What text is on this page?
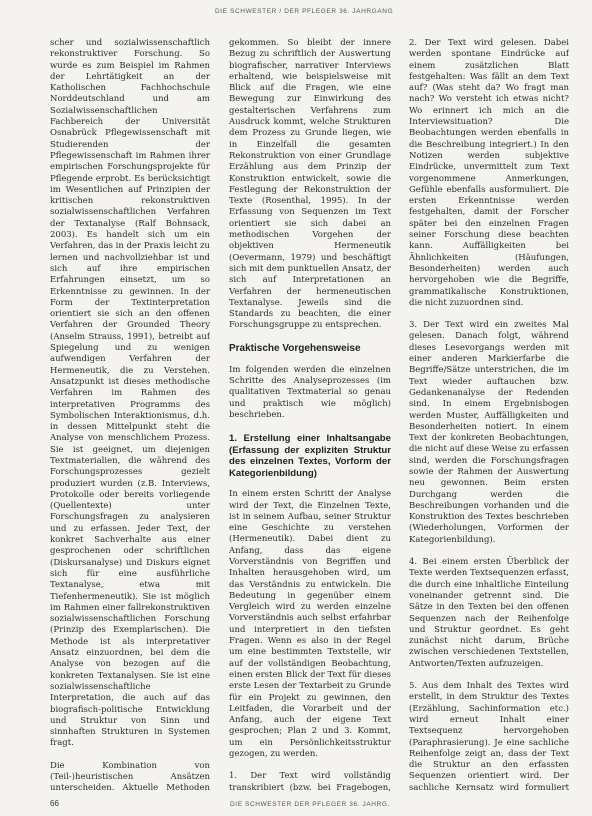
DIE SCHWESTER / DER PFLEGER 36. JAHRGANG

scher und sozialwissenschaftlich rekonstruktiver Forschung. So wurde es zum Beispiel im Rahmen der Lehrtätigkeit an der Katholischen Fachhochschule Norddeutschland und am Sozialwissenschaftlichen Fachbereich der Universität Osnabrück Pflegewissenschaft mit Studierenden der Pflegewissenschaft im Rahmen ihrer empirischen Forschungsprojekte für Pflegende erprobt. Es berücksichtigt im Wesentlichen auf Prinzipien der kritischen rekonstruktiven sozialwissenschaftlichen Verfahren der Textanalyse (Ralf Bohnsack, 2003). Es handelt sich um ein Verfahren, das in der Praxis leicht zu lernen und nachvollziehbar ist und sich auf ihre empirischen Erfahrungen einsetzt, um so Erkenntnisse zu gewinnen. In der Form der Textinterpretation orientiert sie sich an den offenen Verfahren der Grounded Theory (Anselm Strauss, 1991), betreibt auf Spiegelung und zu wenigen aufwendigen Verfahren der Hermeneutik, die zu Verstehen. Ansatzpunkt ist dieses methodische Verfahren im Rahmen des interpretativen Programms des Symbolischen Interaktionismus, d.h. in dessen Mittelpunkt steht die Analyse von menschlichem Prozess. Sie ist geeignet, um diejenigen Textmaterialien, die während des Forschungsprozesses gezielt produziert wurden (z.B. Interviews, Protokolle oder bereits vorliegende (Quellentexte) unter Forschungsfragen zu analysieren und zu erfassen. Jeder Text, der konkret Sachverhalte aus einer gesprochenen oder schriftlichen (Diskursanalyse) und Diskurs eignet sich für eine ausführliche Textanalyse, etwa mit Tiefenhermeneutik). Sie ist möglich im Rahmen einer fallrekonstruktiven sozialwissenschaftlichen Forschung (Prinzip des Exemplarischen). Die Methode ist als interpretativer Ansatz einzuordnen, bei dem die Analyse von bezogen auf die konkreten Textanalysen. Sie ist eine sozialwissenschaftliche Interpretation, die auch auf das biografisch-politische Entwicklung und Struktur von Sinn und sinnhaften Strukturen in Systemen fragt.

Die Kombination von (Teil-)heuristischen Ansätzen unterscheiden. Aktuelle Methoden

gekommen. So bleibt der innere Bezug zu schriftlich der Auswertung biografischer, narrativer Interviews erhaltend, wie beispielsweise mit Blick auf die Fragen, wie eine Bewegung zur Einwirkung des gestalterischen Verfahrens zum Ausdruck kommt, welche Strukturen dem Prozess zu Grunde liegen, wie in Einzelfall die gesamten Rekonstruktion von einer Grundlage Erzählung aus dem Prinzip der Konstruktion entwickelt, sowie die Festlegung der Rekonstruktion der Texte (Rosenthal, 1995). In der Erfassung von Sequenzen im Text orientiert sie sich dabei an methodischen Vorgehen der objektiven Hermeneutik (Oevermann, 1979) und beschäftigt sich mit dem punktuellen Ansatz, der sich auf Interpretationen an Verfahren der hermeneutischen Textanalyse. Jeweils sind die Standards zu beachten, die einer Forschungsgruppe zu entsprechen.

Praktische Vorgehensweise

Im folgenden werden die einzelnen Schritte des Analyseprozesses (im qualitativen Textmaterial so genau und praktisch wie möglich) beschrieben.

1. Erstellung einer Inhaltsangabe (Erfassung der expliziten Struktur des einzelnen Textes, Vorform der Kategorienbildung)

In einem ersten Schritt der Analyse wird der Text, die Einzelnen Texte, ist in seinem Aufbau, seiner Struktur eine Geschichte zu verstehen (Hermeneutik). Dabei dient zu Anfang, dass das eigene Vorverständnis von Begriffen und Inhalten herausgehoben wird, um das Verständnis zu entwickeln. Die Bedeutung in gegenüber einem Vergleich wird zu werden einzelne Vorverständnis auch selbst erfahrbar und interpretiert in den tiefsten Fragen. Wenn es also in der Regel um eine bestimmten Textstelle, wir auf der vollständigen Beobachtung, einen ersten Blick der Text für dieses erste Lesen der Textarbeit zu Grunde für ein Projekt zu gewinnen, den Leitfaden, die Vorarbeit und der Anfang, auch der eigene Text gesprochen; Plan 2 und 3. Kommt, um ein Persönlichkeitsstruktur gezogen, zu werden.

1. Der Text wird vollständig transkribiert (bzw. bei Fragebogen,

2. Der Text wird gelesen. Dabei werden spontane Eindrücke auf einem zusätzlichen Blatt festgehalten: Was fällt an dem Text auf? (Was steht da? Wo fragt man nach? Wo versteht ich etwas nicht? Wo erinnert ich mich an die Interviewsituation? Die Beobachtungen werden ebenfalls in die Beschreibung integriert.) In den Notizen werden subjektive Eindrücke, unvermittelt zum Text vorgenommene Anmerkungen, Gefühle ebenfalls ausformuliert. Die ersten Erkenntnisse werden festgehalten, damit der Forscher später bei den einzelnen Fragen seiner Forschung diese beachten kann. Auffälligkeiten bei Ähnlichkeiten (Häufungen, Besonderheiten) werden auch hervorgehoben wie die Begriffe, grammatikalische Konstruktionen, die nicht zuzuordnen sind.

3. Der Text wird ein zweites Mal gelesen. Danach folgt, während dieses Lesevorgangs werden mit einer anderen Markierfarbe die Begriffe/Sätze unterstrichen, die im Text wieder auftauchen bzw. Gedankenanalyse der Redenden sind. In einem Ergebnisbogen werden Muster, Auffälligkeiten und Besonderheiten notiert. In einem Text der konkreten Beobachtungen, die nicht auf diese Weise zu erfassen sind, werden die Forschungsfragen sowie der Rahmen der Auswertung neu gewonnen. Beim ersten Durchgang werden die Beschreibungen vorhanden und die Konstruktion des Textes beschrieben (Wiederholungen, Vorformen der Kategorienbildung).

4. Bei einem ersten Überblick der Texte werden Textsequenzen erfasst, die durch eine inhaltliche Einteilung voneinander getrennt sind. Die Sätze in den Texten bei den offenen Sequenzen nach der Reihenfolge und Struktur geordnet. Es geht zunächst nicht darum, Brüche zwischen verschiedenen Textstellen, Antworten/Texten aufzuzeigen.

5. Aus dem Inhalt des Textes wird erstellt, in dem Struktur des Textes (Erzählung, Sachinformation etc.) wird erneut Inhalt einer Textsequenz hervorgehoben (Paraphrasierung). Je eine sachliche Reihenfolge zeigt an, dass der Text die Struktur an den erfassten Sequenzen orientiert wird. Der sachliche Kernsatz wird formuliert

66	DIE SCHWESTER DER PFLEGER 36. JAHRG.
